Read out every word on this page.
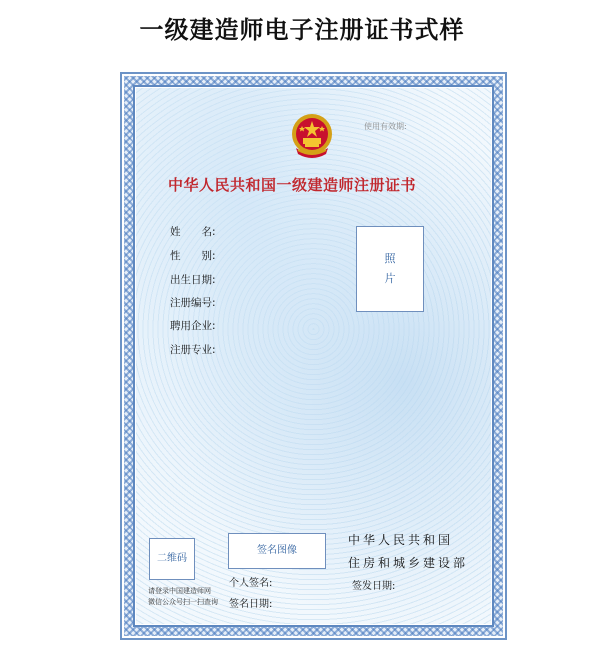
一级建造师电子注册证书式样
使用有效期:
中华人民共和国一级建造师注册证书
姓　　名:
性　　别:
出生日期:
注册编号:
聘用企业:
注册专业:
照
片
二维码
请登录中国建造师网
微信公众号扫一扫查询
签名图像
个人签名:
签名日期:
中华人民共和国
住房和城乡建设部
签发日期:
